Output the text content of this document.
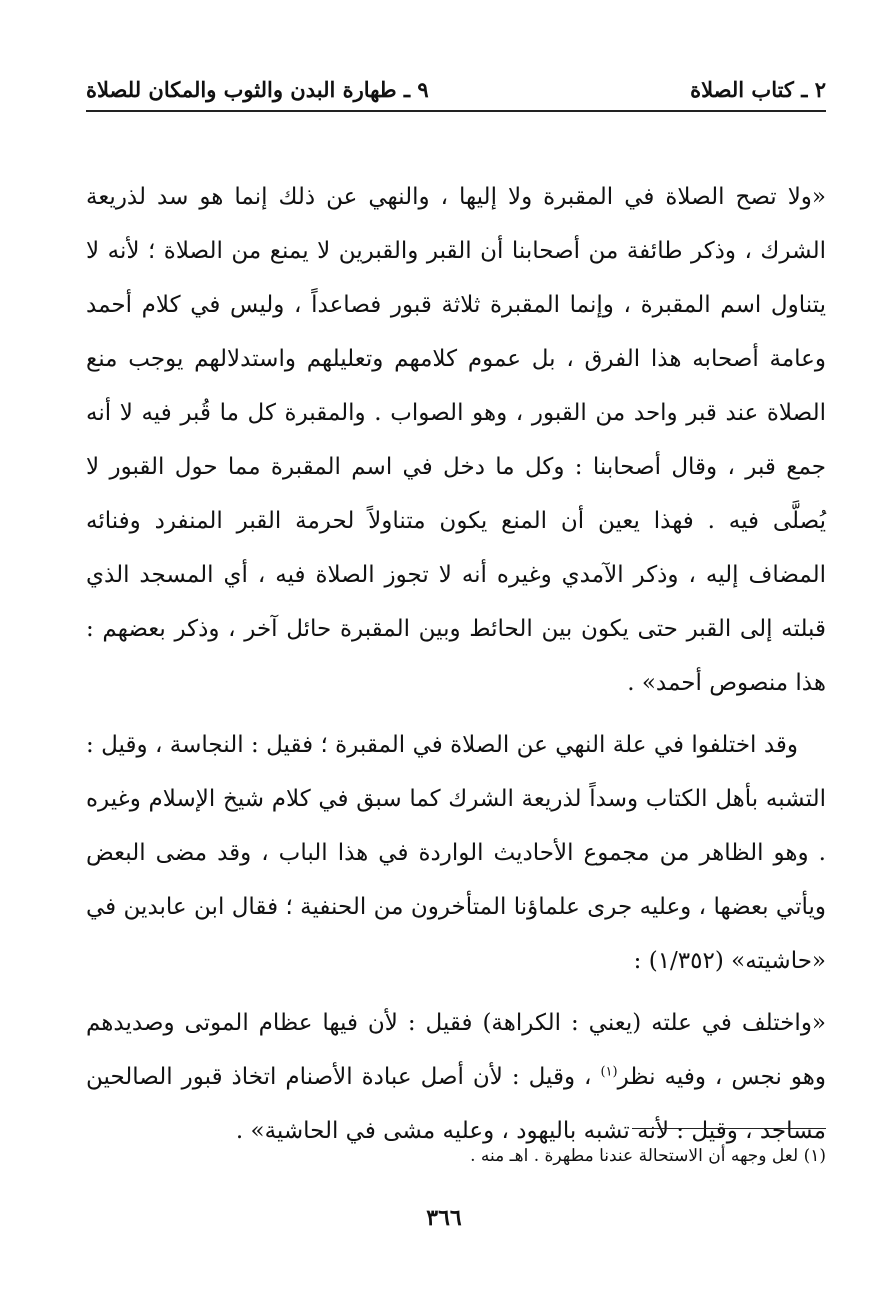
٢ ـ كتاب الصلاة
٩ ـ طهارة البدن والثوب والمكان للصلاة

«ولا تصح الصلاة في المقبرة ولا إليها ، والنهي عن ذلك إنما هو سد لذريعة الشرك ، وذكر طائفة من أصحابنا أن القبر والقبرين لا يمنع من الصلاة ؛ لأنه لا يتناول اسم المقبرة ، وإنما المقبرة ثلاثة قبور فصاعداً ، وليس في كلام أحمد وعامة أصحابه هذا الفرق ، بل عموم كلامهم وتعليلهم واستدلالهم يوجب منع الصلاة عند قبر واحد من القبور ، وهو الصواب . والمقبرة كل ما قُبر فيه لا أنه جمع قبر ، وقال أصحابنا : وكل ما دخل في اسم المقبرة مما حول القبور لا يُصلَّى فيه . فهذا يعين أن المنع يكون متناولاً لحرمة القبر المنفرد وفنائه المضاف إليه ، وذكر الآمدي وغيره أنه لا تجوز الصلاة فيه ، أي المسجد الذي قبلته إلى القبر حتى يكون بين الحائط وبين المقبرة حائل آخر ، وذكر بعضهم : هذا منصوص أحمد» .

وقد اختلفوا في علة النهي عن الصلاة في المقبرة ؛ فقيل : النجاسة ، وقيل : التشبه بأهل الكتاب وسداً لذريعة الشرك كما سبق في كلام شيخ الإسلام وغيره . وهو الظاهر من مجموع الأحاديث الواردة في هذا الباب ، وقد مضى البعض ويأتي بعضها ، وعليه جرى علماؤنا المتأخرون من الحنفية ؛ فقال ابن عابدين في «حاشيته» (١/٣٥٢) :

«واختلف في علته (يعني : الكراهة) فقيل : لأن فيها عظام الموتى وصديدهم وهو نجس ، وفيه نظر$^{(١)}$ ، وقيل : لأن أصل عبادة الأصنام اتخاذ قبور الصالحين مساجد ، وقيل : لأنه تشبه باليهود ، وعليه مشى في الحاشية» .

(١) لعل وجهه أن الاستحالة عندنا مطهرة . اهـ منه .
٣٦٦
